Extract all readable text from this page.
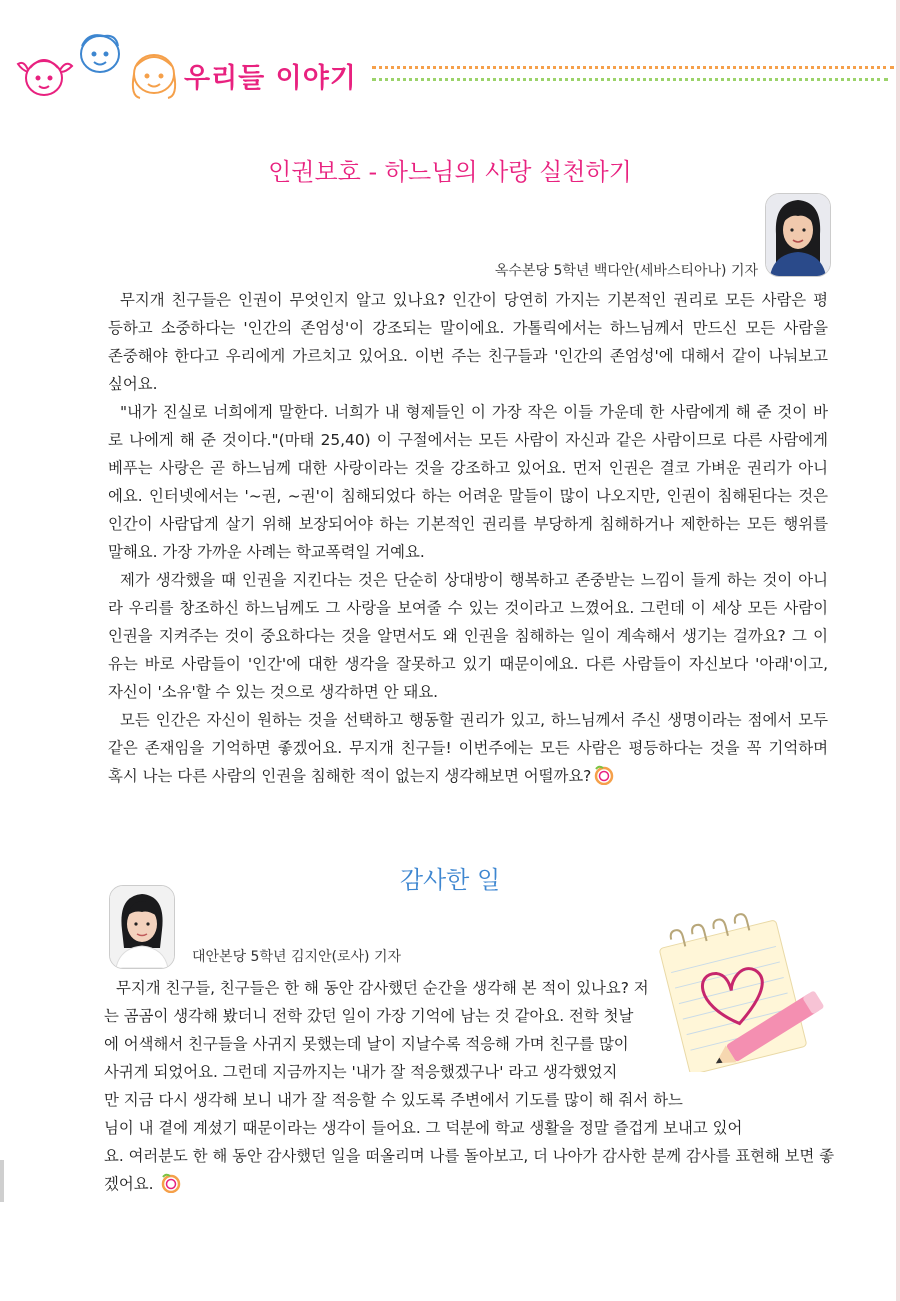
우리들 이야기
인권보호 - 하느님의 사랑 실천하기
옥수본당 5학년 백다안(세바스티아나) 기자
무지개 친구들은 인권이 무엇인지 알고 있나요? 인간이 당연히 가지는 기본적인 권리로 모든 사람은 평
등하고 소중하다는 '인간의 존엄성'이 강조되는 말이에요. 가톨릭에서는 하느님께서 만드신 모든 사람을
존중해야 한다고 우리에게 가르치고 있어요. 이번 주는 친구들과 '인간의 존엄성'에 대해서 같이 나눠보고
싶어요.
"내가 진실로 너희에게 말한다. 너희가 내 형제들인 이 가장 작은 이들 가운데 한 사람에게 해 준 것이 바
로 나에게 해 준 것이다."(마태 25,40) 이 구절에서는 모든 사람이 자신과 같은 사람이므로 다른 사람에게
베푸는 사랑은 곧 하느님께 대한 사랑이라는 것을 강조하고 있어요. 먼저 인권은 결코 가벼운 권리가 아니
에요. 인터넷에서는 '~권, ~권'이 침해되었다 하는 어려운 말들이 많이 나오지만, 인권이 침해된다는 것은
인간이 사람답게 살기 위해 보장되어야 하는 기본적인 권리를 부당하게 침해하거나 제한하는 모든 행위를
말해요. 가장 가까운 사례는 학교폭력일 거예요.
제가 생각했을 때 인권을 지킨다는 것은 단순히 상대방이 행복하고 존중받는 느낌이 들게 하는 것이 아니
라 우리를 창조하신 하느님께도 그 사랑을 보여줄 수 있는 것이라고 느꼈어요. 그런데 이 세상 모든 사람이
인권을 지켜주는 것이 중요하다는 것을 알면서도 왜 인권을 침해하는 일이 계속해서 생기는 걸까요? 그 이
유는 바로 사람들이 '인간'에 대한 생각을 잘못하고 있기 때문이에요. 다른 사람들이 자신보다 '아래'이고,
자신이 '소유'할 수 있는 것으로 생각하면 안 돼요.
모든 인간은 자신이 원하는 것을 선택하고 행동할 권리가 있고, 하느님께서 주신 생명이라는 점에서 모두
같은 존재임을 기억하면 좋겠어요. 무지개 친구들! 이번주에는 모든 사람은 평등하다는 것을 꼭 기억하며
혹시 나는 다른 사람의 인권을 침해한 적이 없는지 생각해보면 어떨까요?
감사한 일
대안본당 5학년 김지안(로사) 기자
무지개 친구들, 친구들은 한 해 동안 감사했던 순간을 생각해 본 적이 있나요? 저
는 곰곰이 생각해 봤더니 전학 갔던 일이 가장 기억에 남는 것 같아요. 전학 첫날
에 어색해서 친구들을 사귀지 못했는데 날이 지날수록 적응해 가며 친구를 많이
사귀게 되었어요. 그런데 지금까지는 '내가 잘 적응했겠구나' 라고 생각했었지
만 지금 다시 생각해 보니 내가 잘 적응할 수 있도록 주변에서 기도를 많이 해 줘서 하느
님이 내 곁에 계셨기 때문이라는 생각이 들어요. 그 덕분에 학교 생활을 정말 즐겁게 보내고 있어
요. 여러분도 한 해 동안 감사했던 일을 떠올리며 나를 돌아보고, 더 나아가 감사한 분께 감사를 표현해 보면 좋
겠어요.
